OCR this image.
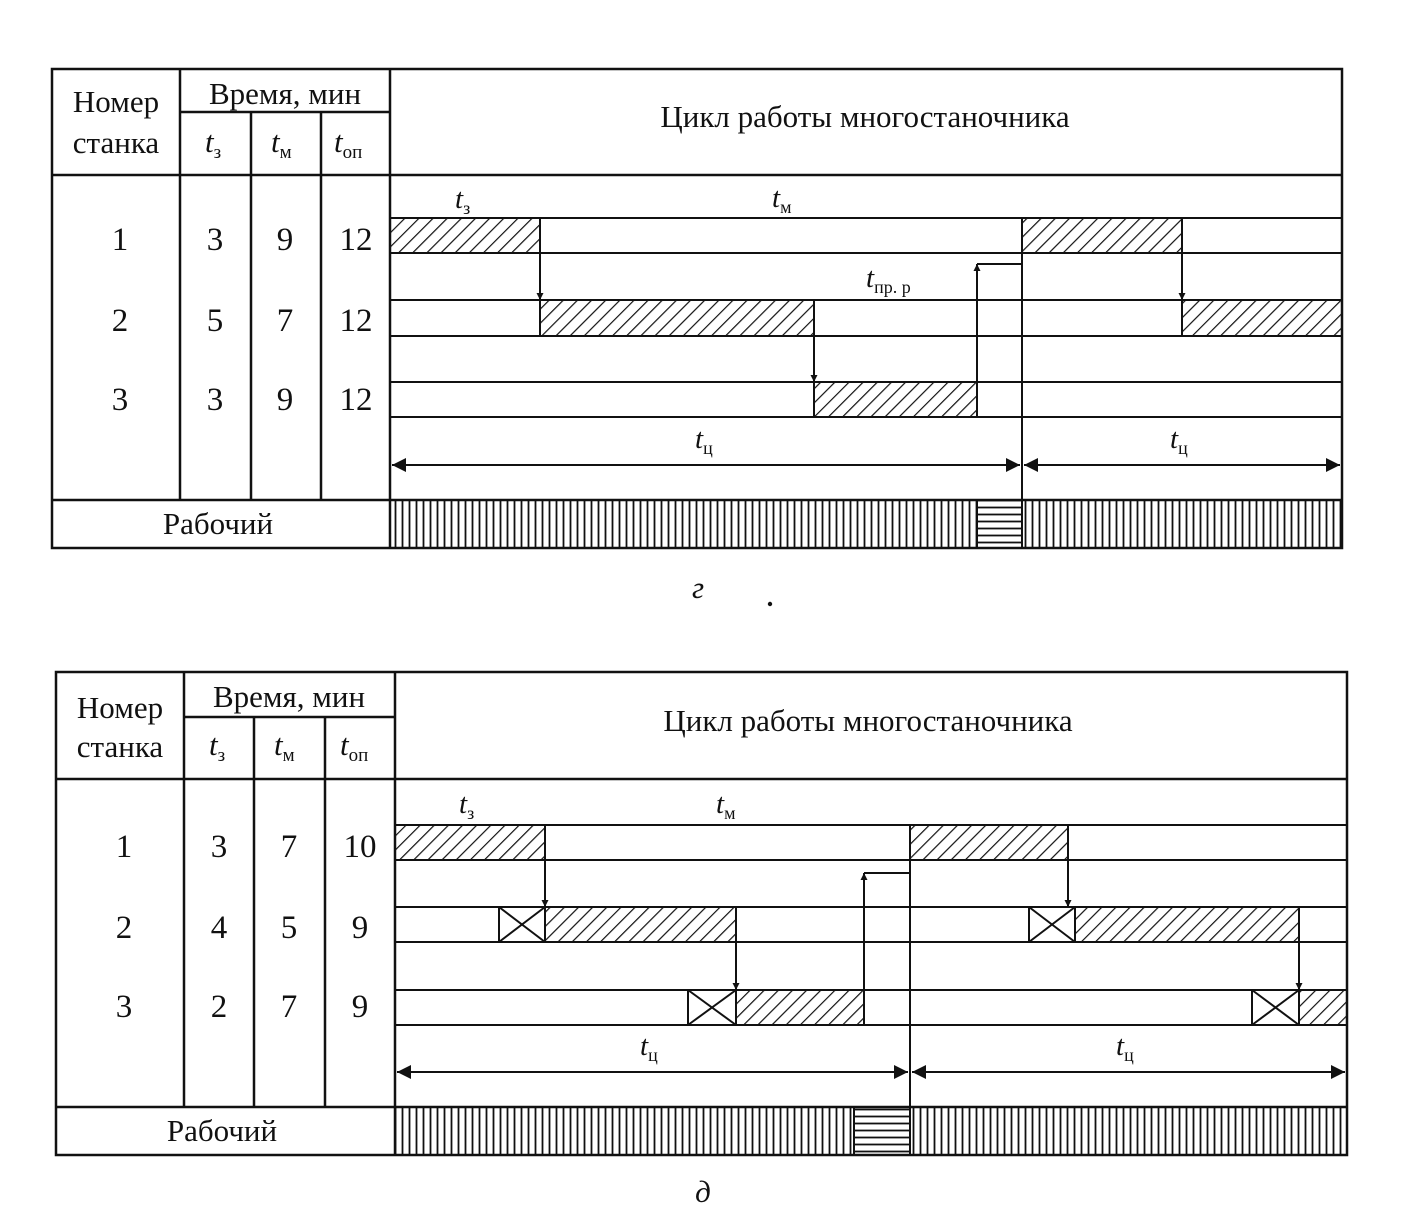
Номер
станка
Время, мин
tз tм tоп
Цикл работы многостаночника
1 3 9 12
2 5 7 12
3 3 9 12
$t_з$	$t_м$
$t_{пр. р}$
$t_ц$	$t_ц$
Рабочий
г
Номер
станка
Время, мин
tз tм tоп
Цикл работы многостаночника
1 3 7 10
2 4 5 9
3 2 7 9
$t_з$	$t_м$
$t_ц$	$t_ц$
Рабочий
д
